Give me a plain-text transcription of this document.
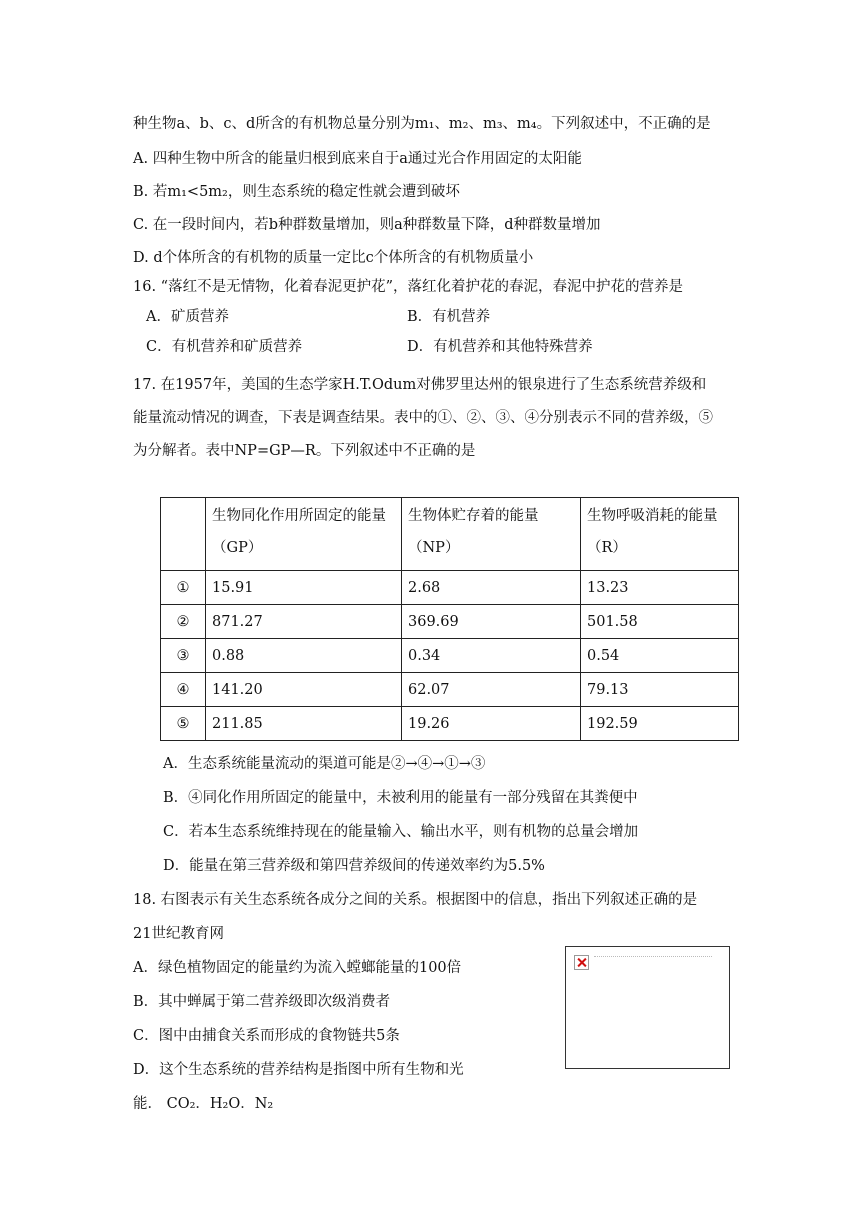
种生物a、b、c、d所含的有机物总量分别为m₁、m₂、m₃、m₄。下列叙述中，不正确的是
A. 四种生物中所含的能量归根到底来自于a通过光合作用固定的太阳能
B. 若m₁<5m₂，则生态系统的稳定性就会遭到破坏
C. 在一段时间内，若b种群数量增加，则a种群数量下降，d种群数量增加
D. d个体所含的有机物的质量一定比c个体所含的有机物质量小
16. “落红不是无情物，化着春泥更护花”，落红化着护花的春泥，春泥中护花的营养是
A．矿质营养	B．有机营养
C．有机营养和矿质营养	D．有机营养和其他特殊营养
17. 在1957年，美国的生态学家H.T.Odum对佛罗里达州的银泉进行了生态系统营养级和
能量流动情况的调查，下表是调查结果。表中的①、②、③、④分别表示不同的营养级，⑤
为分解者。表中NP=GP—R。下列叙述中不正确的是
	生物同化作用所固定的能量（GP）	生物体贮存着的能量（NP）	生物呼吸消耗的能量（R）
①	15.91	2.68	13.23
②	871.27	369.69	501.58
③	0.88	0.34	0.54
④	141.20	62.07	79.13
⑤	211.85	19.26	192.59
A．生态系统能量流动的渠道可能是②→④→①→③
B．④同化作用所固定的能量中，未被利用的能量有一部分残留在其粪便中
C．若本生态系统维持现在的能量输入、输出水平，则有机物的总量会增加
D．能量在第三营养级和第四营养级间的传递效率约为5.5%
18. 右图表示有关生态系统各成分之间的关系。根据图中的信息，指出下列叙述正确的是
21世纪教育网
A．绿色植物固定的能量约为流入螳螂能量的100倍
B．其中蝉属于第二营养级即次级消费者
C．图中由捕食关系而形成的食物链共5条
D．这个生态系统的营养结构是指图中所有生物和光
能． CO₂．H₂O．N₂
